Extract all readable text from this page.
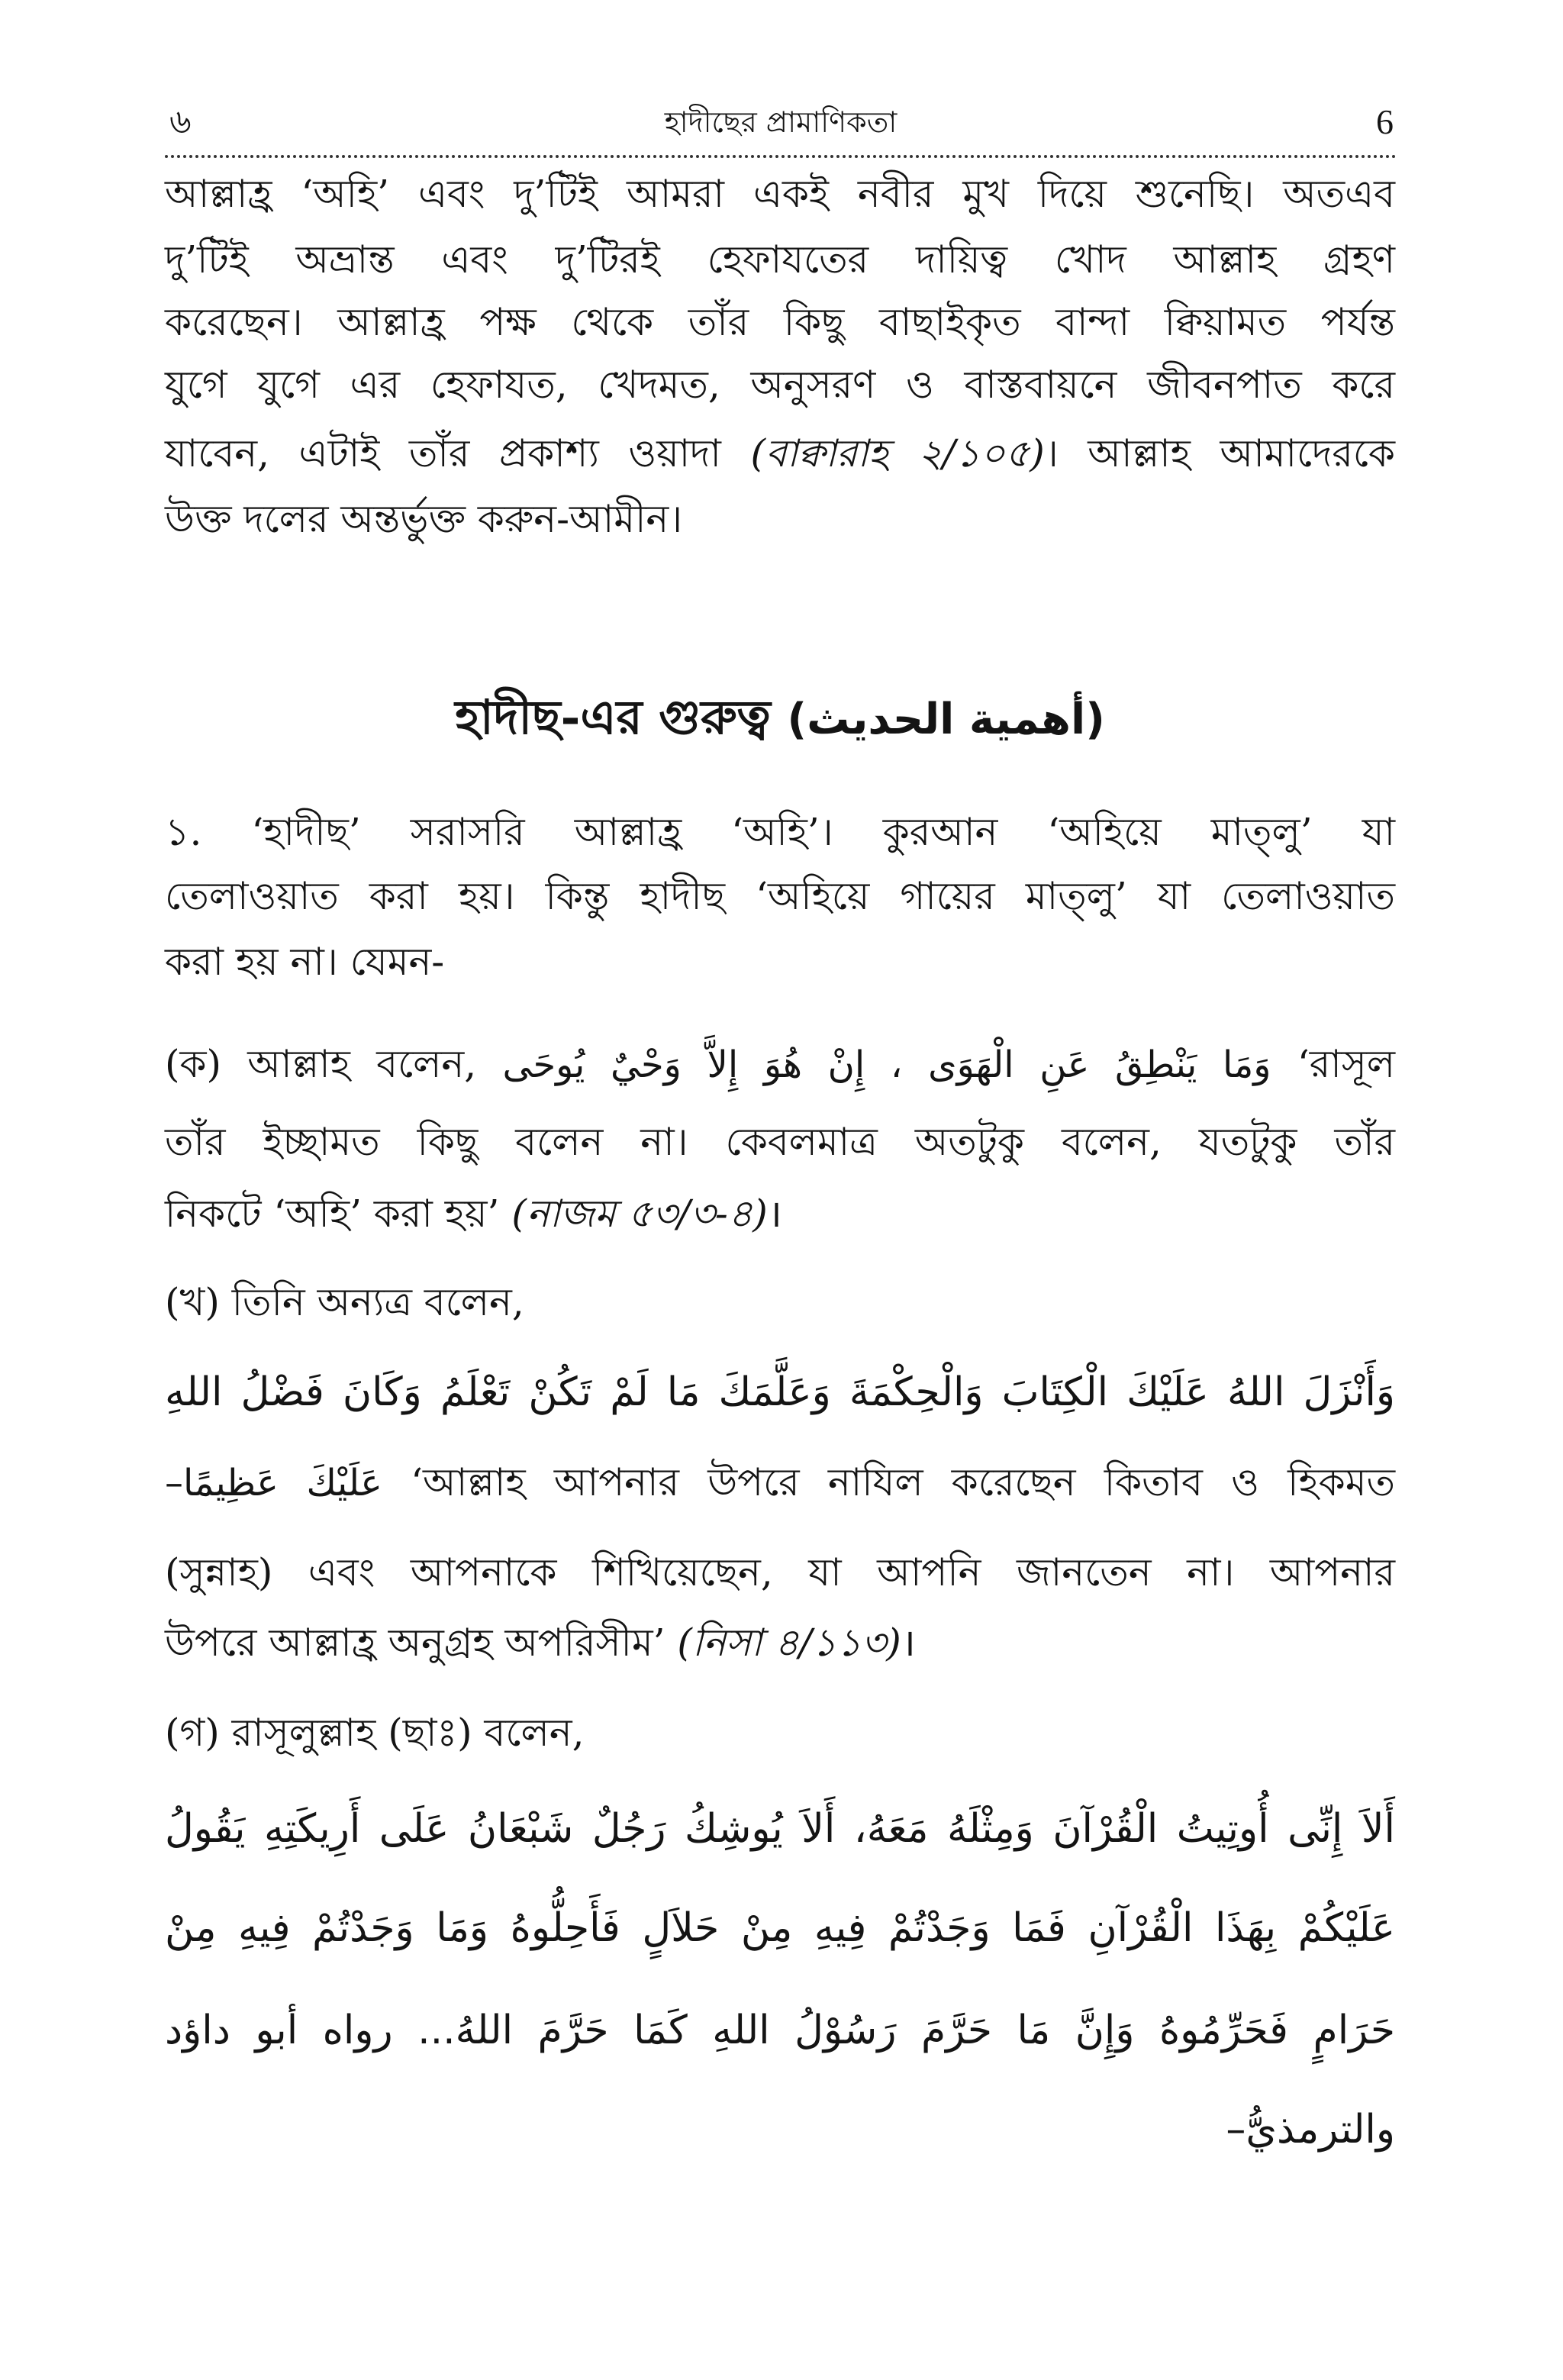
হাদীছের প্রামাণিকতা
৬	6
আল্লাহ্র ‘অহি’ এবং দু’টিই আমরা একই নবীর মুখ দিয়ে শুনেছি। অতএব
দু’টিই অভ্রান্ত এবং দু’টিরই হেফাযতের দায়িত্ব খোদ আল্লাহ গ্রহণ
করেছেন। আল্লাহ্র পক্ষ থেকে তাঁর কিছু বাছাইকৃত বান্দা ক্বিয়ামত পর্যন্ত
যুগে যুগে এর হেফাযত, খেদমত, অনুসরণ ও বাস্তবায়নে জীবনপাত করে
যাবেন, এটাই তাঁর প্রকাশ্য ওয়াদা (বাক্বারাহ ২/১০৫)। আল্লাহ আমাদেরকে
উক্ত দলের অন্তর্ভুক্ত করুন-আমীন।
হাদীছ-এর গুরুত্ব (أهمية الحديث)
১. ‘হাদীছ’ সরাসরি আল্লাহ্র ‘অহি’। কুরআন ‘অহিয়ে মাত্লু’ যা
তেলাওয়াত করা হয়। কিন্তু হাদীছ ‘অহিয়ে গায়ের মাত্লু’ যা তেলাওয়াত
করা হয় না। যেমন-
(ক) আল্লাহ বলেন, وَمَا يَنْطِقُ عَنِ الْهَوَى ، إِنْ هُوَ إِلاَّ وَحْيٌ يُوحَى ‘রাসূল
তাঁর ইচ্ছামত কিছু বলেন না। কেবলমাত্র অতটুকু বলেন, যতটুকু তাঁর
নিকটে ‘অহি’ করা হয়’ (নাজম ৫৩/৩-৪)।
(খ) তিনি অন্যত্র বলেন,
وَأَنْزَلَ اللهُ عَلَيْكَ الْكِتَابَ وَالْحِكْمَةَ وَعَلَّمَكَ مَا لَمْ تَكُنْ تَعْلَمُ وَكَانَ فَضْلُ اللهِ
عَلَيْكَ عَظِيمًا– ‘আল্লাহ আপনার উপরে নাযিল করেছেন কিতাব ও হিকমত
(সুন্নাহ) এবং আপনাকে শিখিয়েছেন, যা আপনি জানতেন না। আপনার
উপরে আল্লাহ্র অনুগ্রহ অপরিসীম’ (নিসা ৪/১১৩)।
(গ) রাসূলুল্লাহ (ছাঃ) বলেন,
أَلاَ إِنِّى أُوتِيتُ الْقُرْآنَ وَمِثْلَهُ مَعَهُ، أَلاَ يُوشِكُ رَجُلٌ شَبْعَانُ عَلَى أَرِيكَتِهِ يَقُولُ
عَلَيْكُمْ بِهَذَا الْقُرْآنِ فَمَا وَجَدْتُمْ فِيهِ مِنْ حَلاَلٍ فَأَحِلُّوهُ وَمَا وَجَدْتُمْ فِيهِ مِنْ
حَرَامٍ فَحَرِّمُوهُ وَإِنَّ مَا حَرَّمَ رَسُوْلُ اللهِ كَمَا حَرَّمَ اللهُ... رواه أبو داؤد
والترمذيُّ–
